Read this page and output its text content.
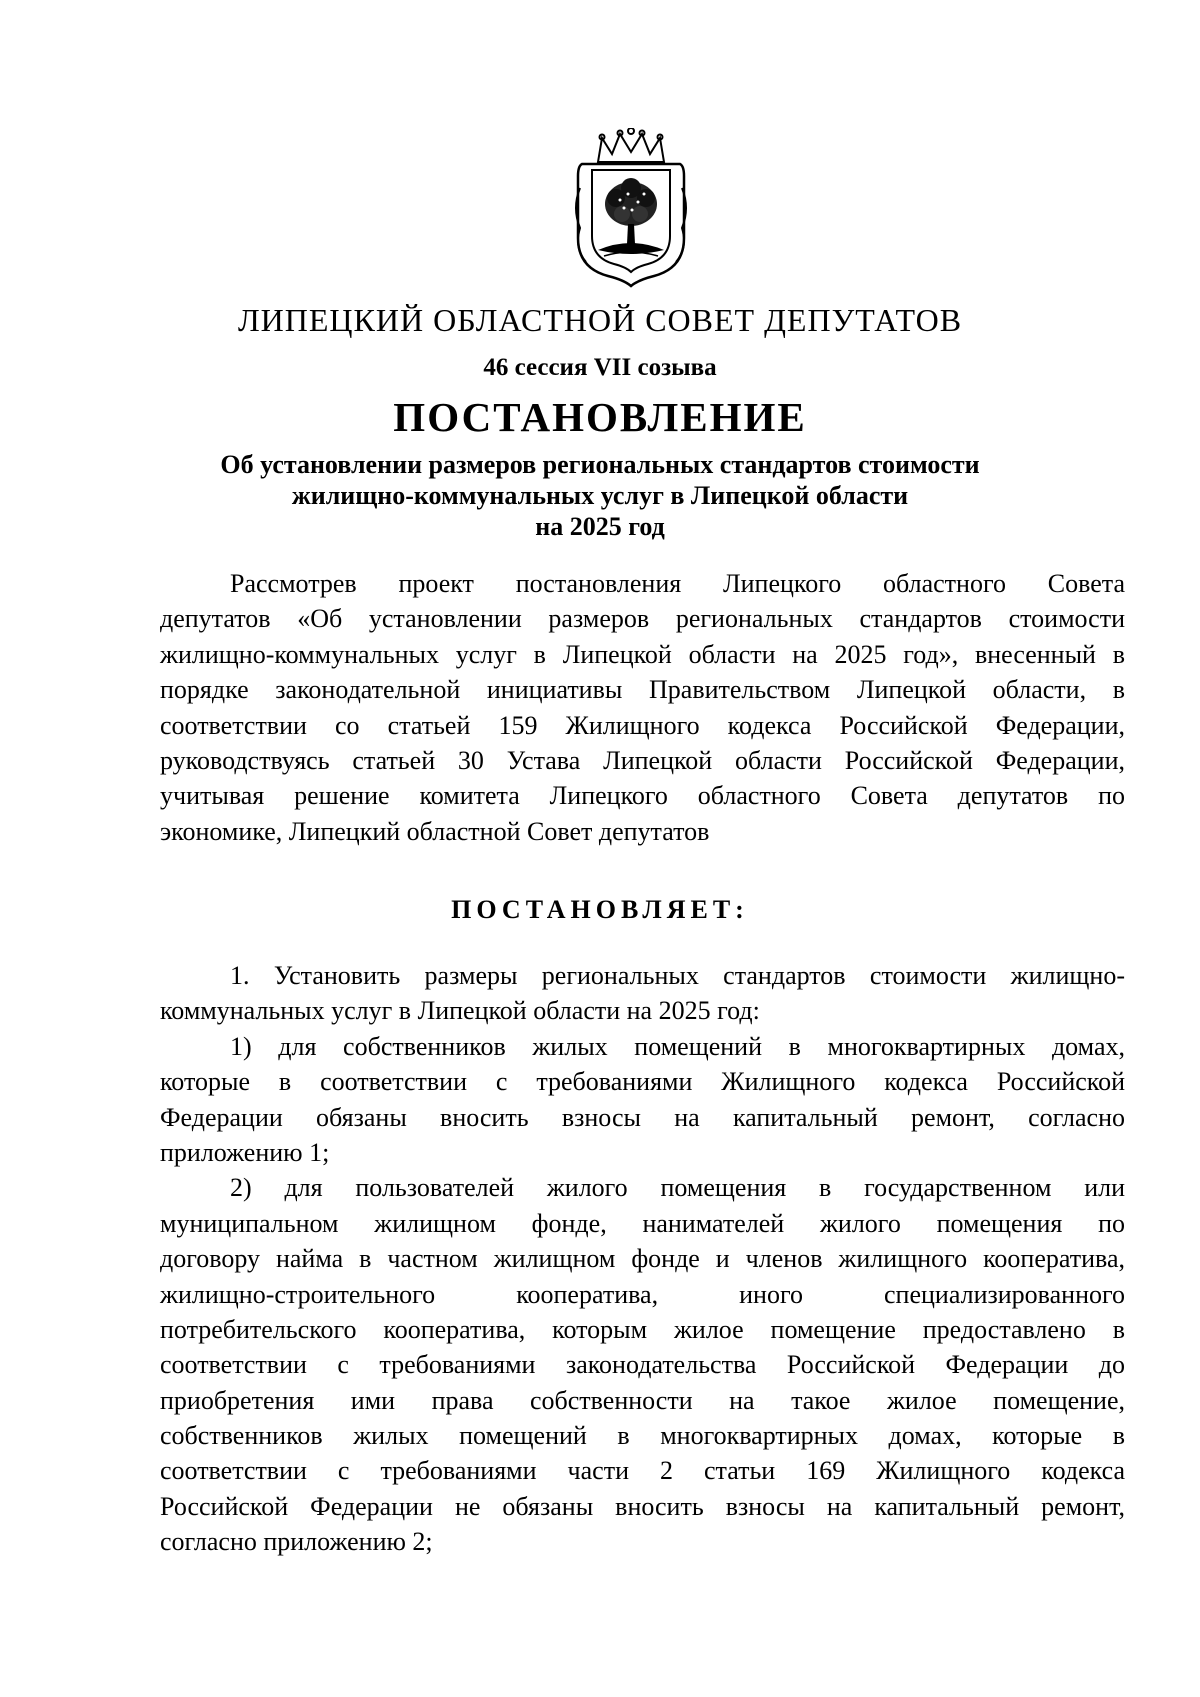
ЛИПЕЦКИЙ ОБЛАСТНОЙ СОВЕТ ДЕПУТАТОВ
46 сессия VII созыва
ПОСТАНОВЛЕНИЕ
Об установлении размеров региональных стандартов стоимости
жилищно-коммунальных услуг в Липецкой области
на 2025 год
Рассмотрев проект постановления Липецкого областного Совета
депутатов «Об установлении размеров региональных стандартов стоимости
жилищно-коммунальных услуг в Липецкой области на 2025 год», внесенный в
порядке законодательной инициативы Правительством Липецкой области, в
соответствии со статьей 159 Жилищного кодекса Российской Федерации,
руководствуясь статьей 30 Устава Липецкой области Российской Федерации,
учитывая решение комитета Липецкого областного Совета депутатов по
экономике, Липецкий областной Совет депутатов
ПОСТАНОВЛЯЕТ:
1. Установить размеры региональных стандартов стоимости жилищно-
коммунальных услуг в Липецкой области на 2025 год:
1) для собственников жилых помещений в многоквартирных домах,
которые в соответствии с требованиями Жилищного кодекса Российской
Федерации обязаны вносить взносы на капитальный ремонт, согласно
приложению 1;
2) для пользователей жилого помещения в государственном или
муниципальном жилищном фонде, нанимателей жилого помещения по
договору найма в частном жилищном фонде и членов жилищного кооператива,
жилищно-строительного кооператива, иного специализированного
потребительского кооператива, которым жилое помещение предоставлено в
соответствии с требованиями законодательства Российской Федерации до
приобретения ими права собственности на такое жилое помещение,
собственников жилых помещений в многоквартирных домах, которые в
соответствии с требованиями части 2 статьи 169 Жилищного кодекса
Российской Федерации не обязаны вносить взносы на капитальный ремонт,
согласно приложению 2;
